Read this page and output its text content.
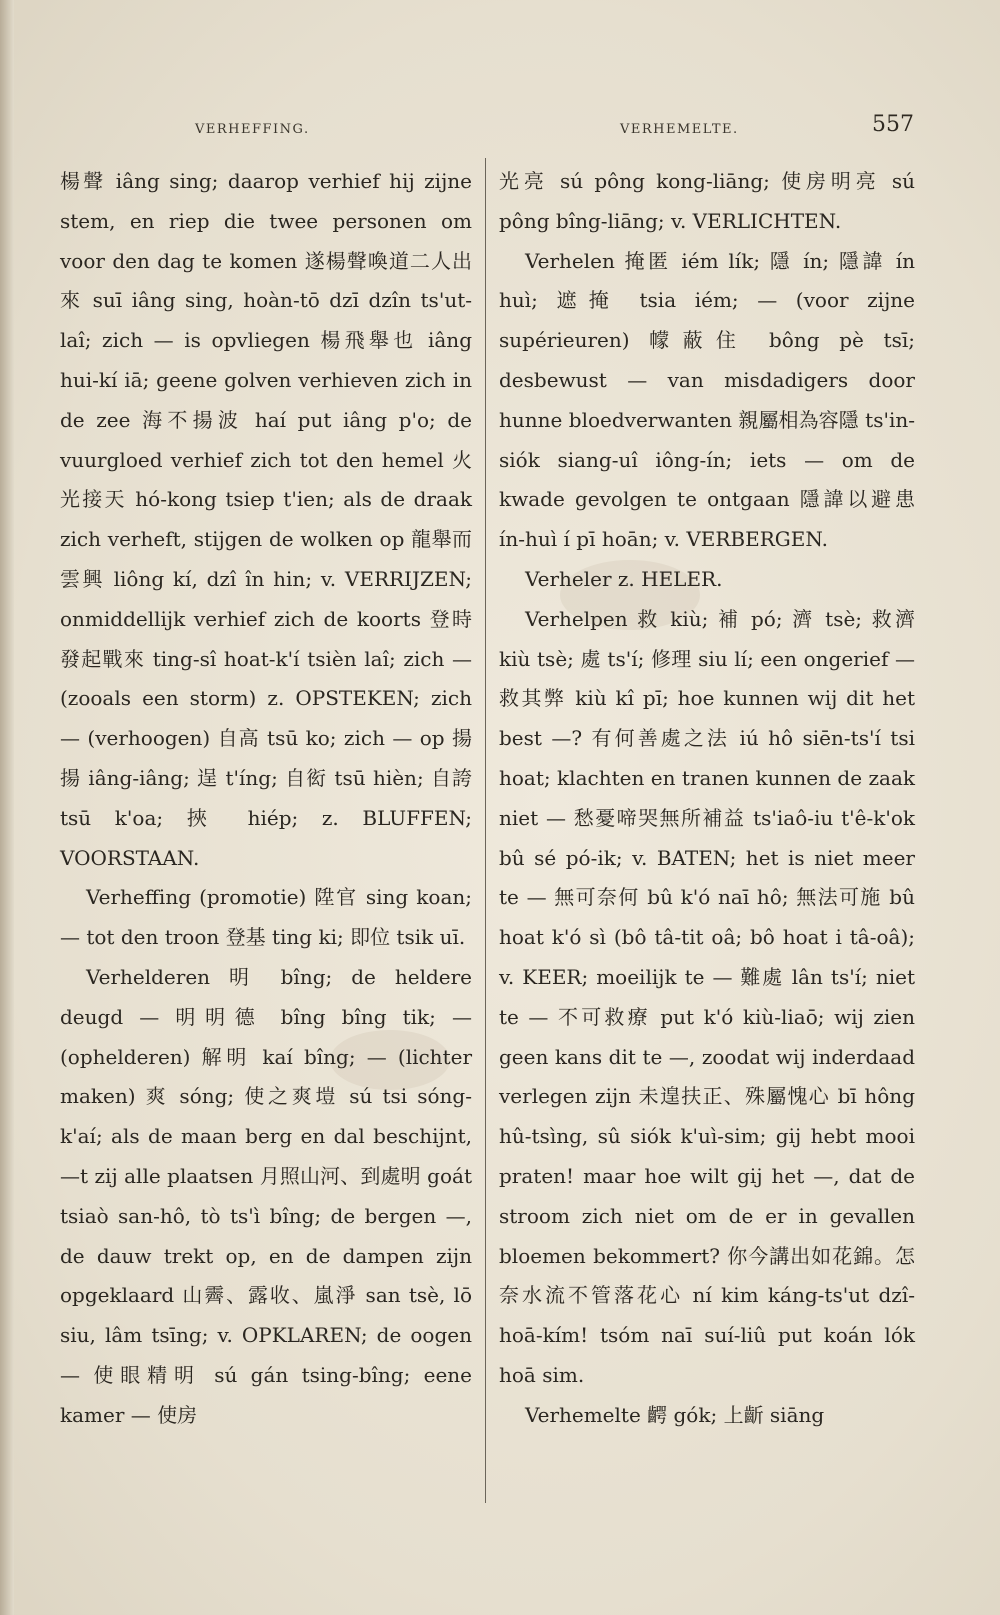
VERHEFFING.	VERHEMELTE.	557

楊聲 iâng sing; daarop verhief hij zijne stem, en riep die twee personen om voor den dag te komen 遂楊聲喚道二人出來 suī iâng sing, hoàn-tō dzī dzîn ts'ut-laî; zich — is opvliegen 楊飛舉也 iâng hui-kí iā; geene golven verhieven zich in de zee 海不揚波 haí put iâng p'o; de vuurgloed verhief zich tot den hemel 火光接天 hó-kong tsiep t'ien; als de draak zich verheft, stijgen de wolken op 龍舉而雲興 liông kí, dzî în hin; v. VERRIJZEN; onmiddellijk verhief zich de koorts 登時發起戰來 ting-sî hoat-k'í tsièn laî; zich — (zooals een storm) z. OPSTEKEN; zich — (verhoogen) 自高 tsū ko; zich — op 揚揚 iâng-iâng; 逞 t'íng; 自衒 tsū hièn; 自誇 tsū k'oa; 挾 hiép; z. BLUFFEN; VOORSTAAN.

Verheffing (promotie) 陞官 sing koan; — tot den troon 登基 ting ki; 即位 tsik uī.

Verhelderen 明 bîng; de heldere deugd — 明明德 bîng bîng tik; — (ophelderen) 解明 kaí bîng; — (lichter maken) 爽 sóng; 使之爽塏 sú tsi sóng-k'aí; als de maan berg en dal beschijnt, —t zij alle plaatsen 月照山河、到處明 goát tsiaò san-hô, tò ts'ì bîng; de bergen —, de dauw trekt op, en de dampen zijn opgeklaard 山霽、露收、嵐淨 san tsè, lō siu, lâm tsīng; v. OPKLAREN; de oogen — 使眼精明 sú gán tsing-bîng; eene kamer — 使房

光亮 sú pông kong-liāng; 使房明亮 sú pông bîng-liāng; v. VERLICHTEN.

Verhelen 掩匿 iém lík; 隱 ín; 隱諱 ín huì; 遮掩 tsia iém; — (voor zijne supérieuren) 幪蔽住 bông pè tsī; desbewust — van misdadigers door hunne bloedverwanten 親屬相為容隱 ts'in-siók siang-uî iông-ín; iets — om de kwade gevolgen te ontgaan 隱諱以避患 ín-huì í pī hoān; v. VERBERGEN.

Verheler z. HELER.

Verhelpen 救 kiù; 補 pó; 濟 tsè; 救濟 kiù tsè; 處 ts'í; 修理 siu lí; een ongerief — 救其弊 kiù kî pī; hoe kunnen wij dit het best —? 有何善處之法 iú hô siēn-ts'í tsi hoat; klachten en tranen kunnen de zaak niet — 愁憂啼哭無所補益 ts'iaô-iu t'ê-k'ok bû sé pó-ik; v. BATEN; het is niet meer te — 無可奈何 bû k'ó naī hô; 無法可施 bû hoat k'ó sì (bô tâ-tit oâ; bô hoat i tâ-oâ); v. KEER; moeilijk te — 難處 lân ts'í; niet te — 不可救療 put k'ó kiù-liaō; wij zien geen kans dit te —, zoodat wij inderdaad verlegen zijn 未遑扶正、殊屬愧心 bī hông hû-tsìng, sû siók k'uì-sim; gij hebt mooi praten! maar hoe wilt gij het —, dat de stroom zich niet om de er in gevallen bloemen bekommert? 你今講出如花錦。怎奈水流不管落花心 ní kim káng-ts'ut dzî-hoā-kím! tsóm naī suí-liû put koán lók hoā sim.

Verhemelte 齶 gók; 上齗 siāng
